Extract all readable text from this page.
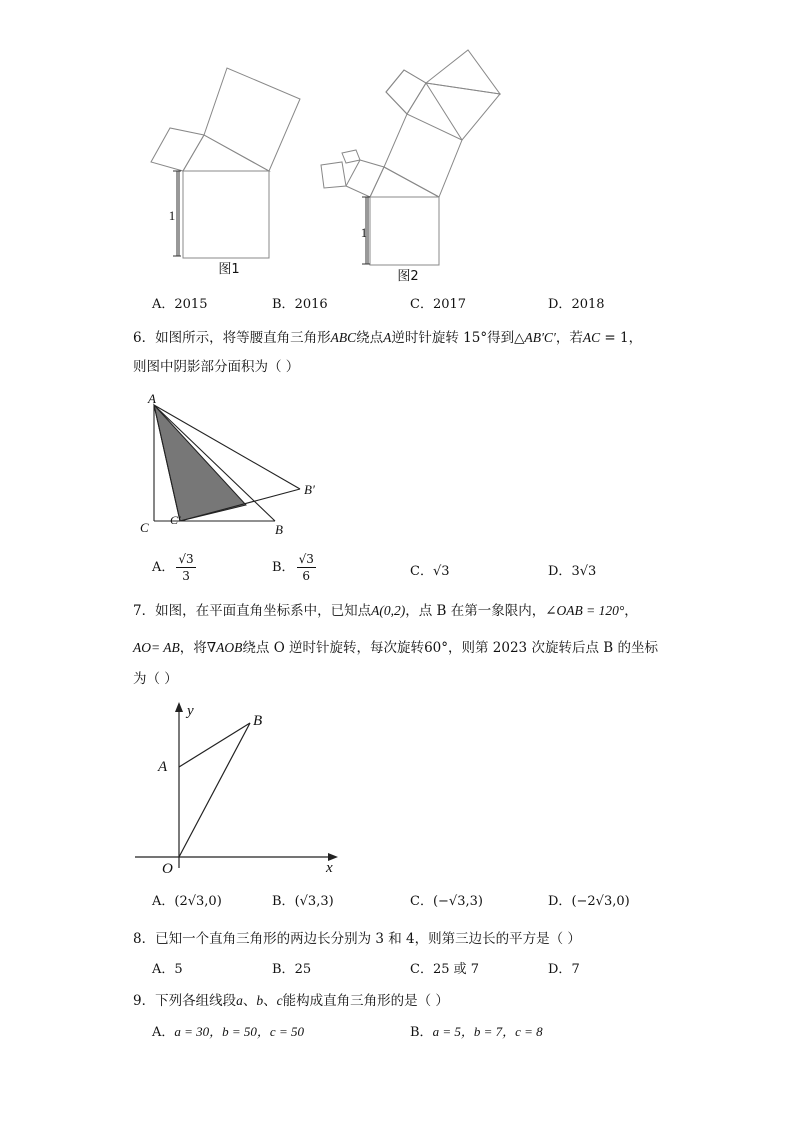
1
图1
1
图2
A．2015	B．2016	C．2017	D．2018
6．如图所示，将等腰直角三角形ABC绕点A逆时针旋转 15°得到△AB′C′，若AC = 1，
则图中阴影部分面积为（ ）
A
C	B
B′
C′
A． $\frac{√3}{3}$	B． $\frac{√3}{6}$	C．√3	D．3√3
7．如图，在平面直角坐标系中，已知点A(0,2)，点 B 在第一象限内，∠OAB = 120°，
AO= AB，将∇AOB绕点 O 逆时针旋转，每次旋转60°，则第 2023 次旋转后点 B 的坐标
为（ ）
y
x
A
B
O
A．(2√3,0)	B．(√3,3)	C．(−√3,3)	D．(−2√3,0)
8．已知一个直角三角形的两边长分别为 3 和 4，则第三边长的平方是（ ）
A．5	B．25	C．25 或 7	D．7
9．下列各组线段a、b、c能构成直角三角形的是（ ）
A．a = 30，b = 50，c = 50	B．a = 5，b = 7，c = 8
